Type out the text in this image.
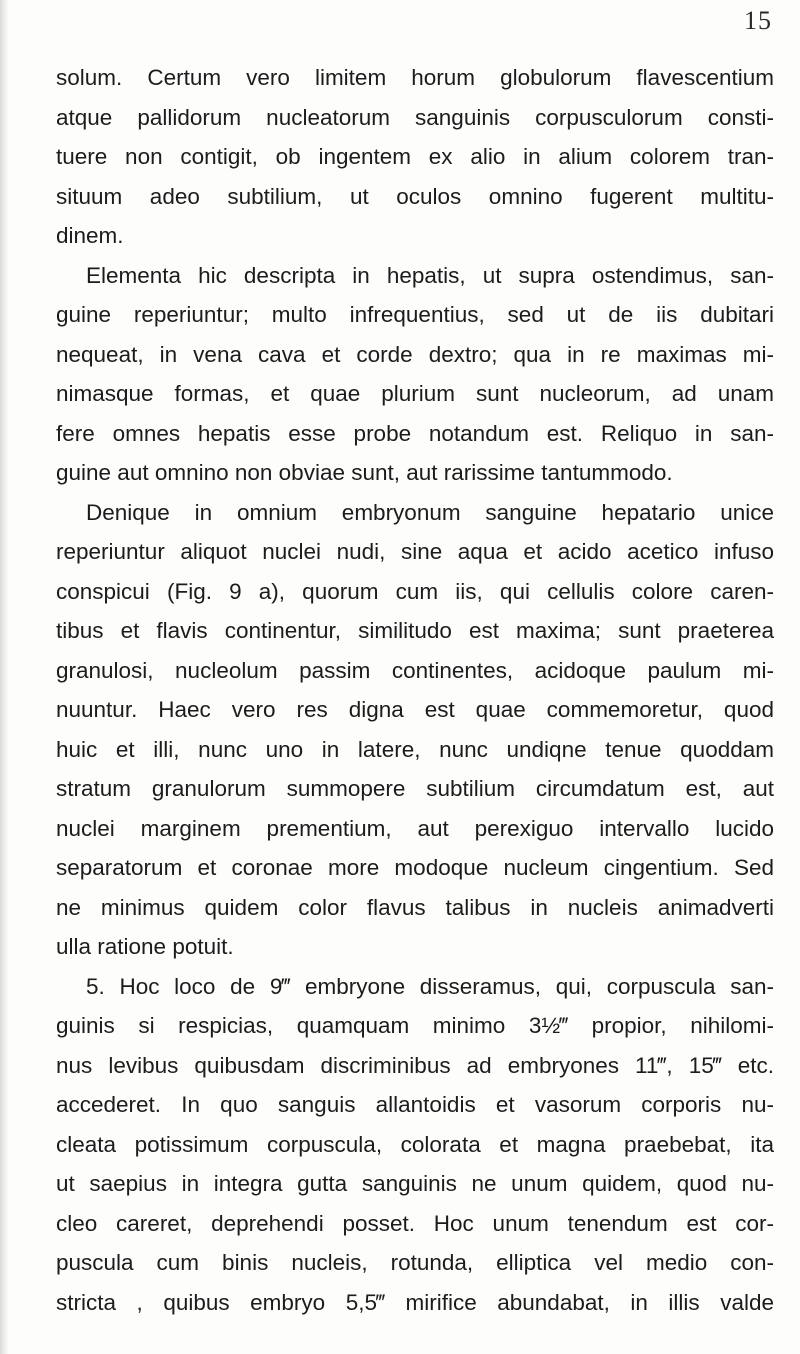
15
solum. Certum vero limitem horum globulorum flavescentium
atque pallidorum nucleatorum sanguinis corpusculorum consti-
tuere non contigit, ob ingentem ex alio in alium colorem tran-
situum adeo subtilium, ut oculos omnino fugerent multitu-
dinem.
Elementa hic descripta in hepatis, ut supra ostendimus, san-
guine reperiuntur; multo infrequentius, sed ut de iis dubitari
nequeat, in vena cava et corde dextro; qua in re maximas mi-
nimasque formas, et quae plurium sunt nucleorum, ad unam
fere omnes hepatis esse probe notandum est. Reliquo in san-
guine aut omnino non obviae sunt, aut rarissime tantummodo.
Denique in omnium embryonum sanguine hepatario unice
reperiuntur aliquot nuclei nudi, sine aqua et acido acetico infuso
conspicui (Fig. 9 a), quorum cum iis, qui cellulis colore caren-
tibus et flavis continentur, similitudo est maxima; sunt praeterea
granulosi, nucleolum passim continentes, acidoque paulum mi-
nuuntur. Haec vero res digna est quae commemoretur, quod
huic et illi, nunc uno in latere, nunc undiqne tenue quoddam
stratum granulorum summopere subtilium circumdatum est, aut
nuclei marginem prementium, aut perexiguo intervallo lucido
separatorum et coronae more modoque nucleum cingentium. Sed
ne minimus quidem color flavus talibus in nucleis animadverti
ulla ratione potuit.
5. Hoc loco de 9‴ embryone disseramus, qui, corpuscula san-
guinis si respicias, quamquam minimo 3½‴ propior, nihilomi-
nus levibus quibusdam discriminibus ad embryones 11‴, 15‴ etc.
accederet. In quo sanguis allantoidis et vasorum corporis nu-
cleata potissimum corpuscula, colorata et magna praebebat, ita
ut saepius in integra gutta sanguinis ne unum quidem, quod nu-
cleo careret, deprehendi posset. Hoc unum tenendum est cor-
puscula cum binis nucleis, rotunda, elliptica vel medio con-
stricta , quibus embryo 5,5‴ mirifice abundabat, in illis valde
